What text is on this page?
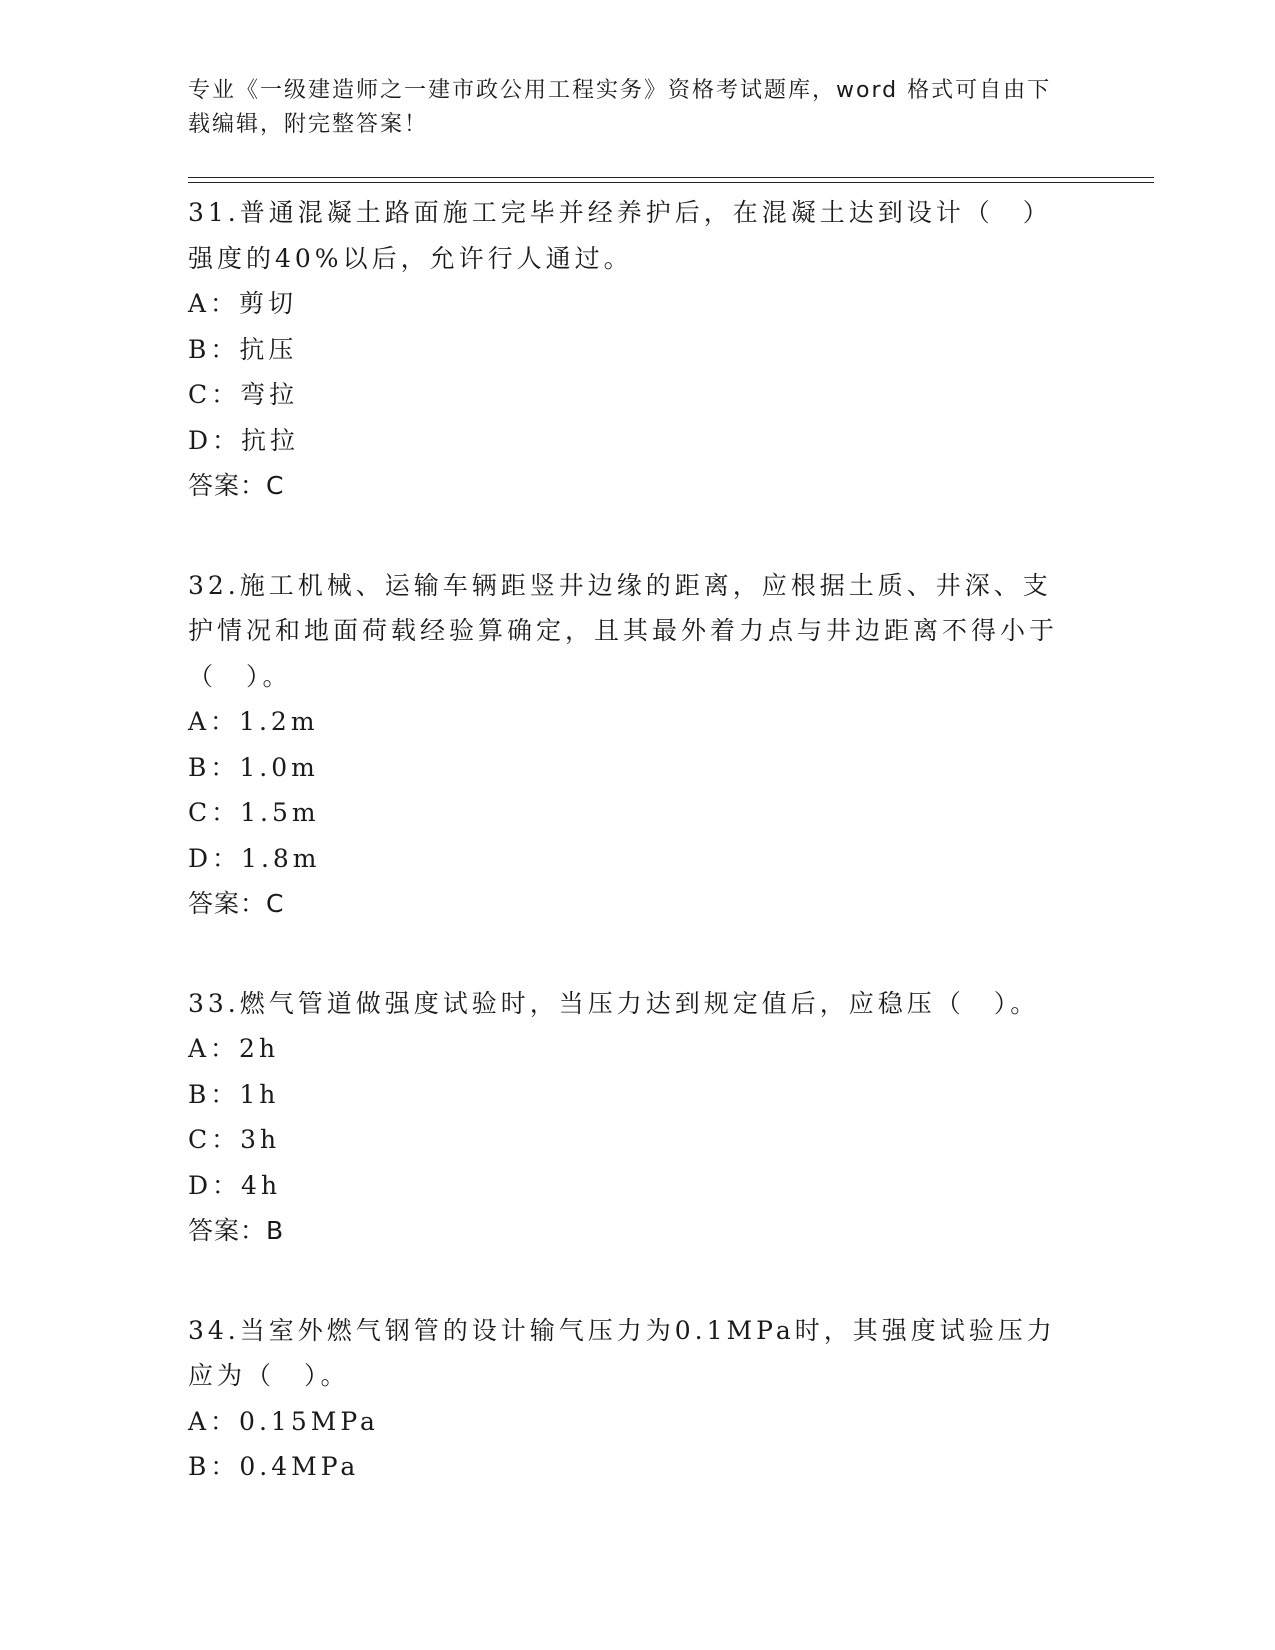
专业《一级建造师之一建市政公用工程实务》资格考试题库，word 格式可自由下载编辑，附完整答案！

31.普通混凝土路面施工完毕并经养护后，在混凝土达到设计（　）强度的40%以后，允许行人通过。

A：剪切

B：抗压

C：弯拉

D：抗拉

答案：C

32.施工机械、运输车辆距竖井边缘的距离，应根据土质、井深、支护情况和地面荷载经验算确定，且其最外着力点与井边距离不得小于（　）。

A：1.2m

B：1.0m

C：1.5m

D：1.8m

答案：C

33.燃气管道做强度试验时，当压力达到规定值后，应稳压（　）。

A：2h

B：1h

C：3h

D：4h

答案：B

34.当室外燃气钢管的设计输气压力为0.1MPa时，其强度试验压力应为（　）。

A：0.15MPa

B：0.4MPa
